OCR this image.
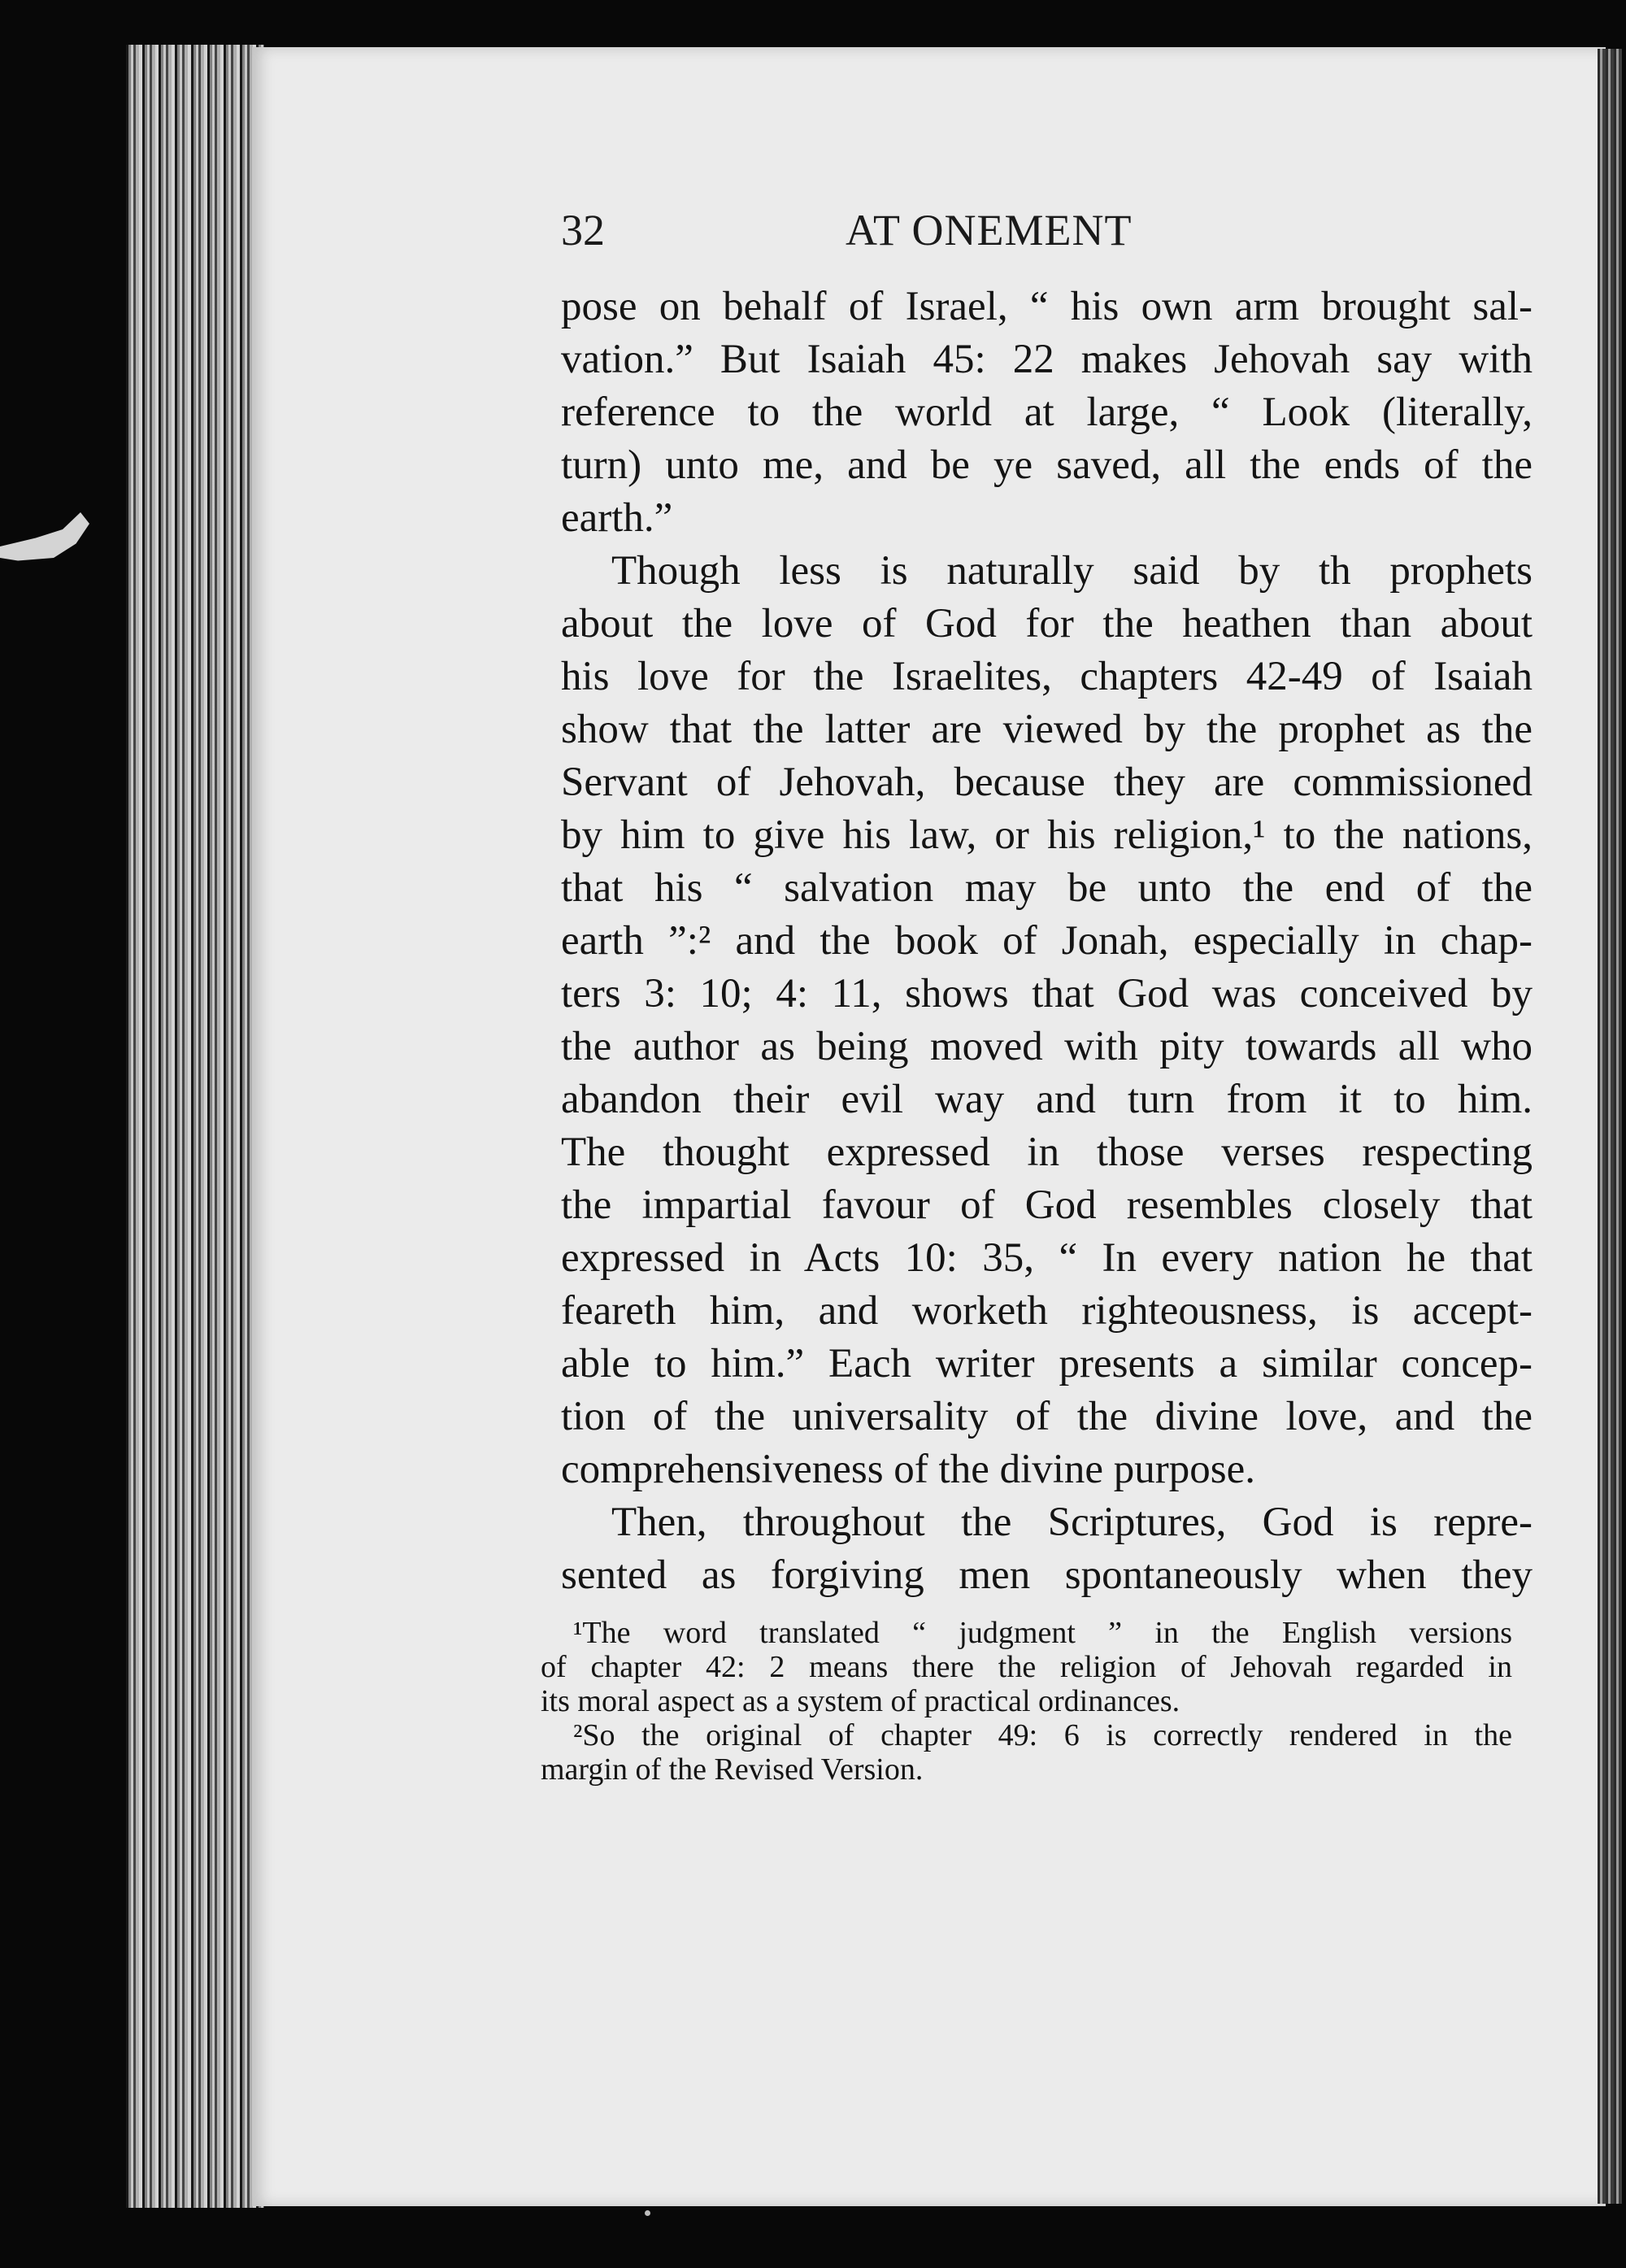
32	AT ONEMENT
pose on behalf of Israel, “ his own arm brought sal-
vation.” But Isaiah 45: 22 makes Jehovah say with
reference to the world at large, “ Look (literally,
turn) unto me, and be ye saved, all the ends of the
earth.”
Though less is naturally said by th prophets
about the love of God for the heathen than about
his love for the Israelites, chapters 42-49 of Isaiah
show that the latter are viewed by the prophet as the
Servant of Jehovah, because they are commissioned
by him to give his law, or his religion,¹ to the nations,
that his “ salvation may be unto the end of the
earth ”:² and the book of Jonah, especially in chap-
ters 3: 10; 4: 11, shows that God was conceived by
the author as being moved with pity towards all who
abandon their evil way and turn from it to him.
The thought expressed in those verses respecting
the impartial favour of God resembles closely that
expressed in Acts 10: 35, “ In every nation he that
feareth him, and worketh righteousness, is accept-
able to him.” Each writer presents a similar concep-
tion of the universality of the divine love, and the
comprehensiveness of the divine purpose.
Then, throughout the Scriptures, God is repre-
sented as forgiving men spontaneously when they
¹The word translated “ judgment ” in the English versions
of chapter 42: 2 means there the religion of Jehovah regarded in
its moral aspect as a system of practical ordinances.
²So the original of chapter 49: 6 is correctly rendered in the
margin of the Revised Version.
